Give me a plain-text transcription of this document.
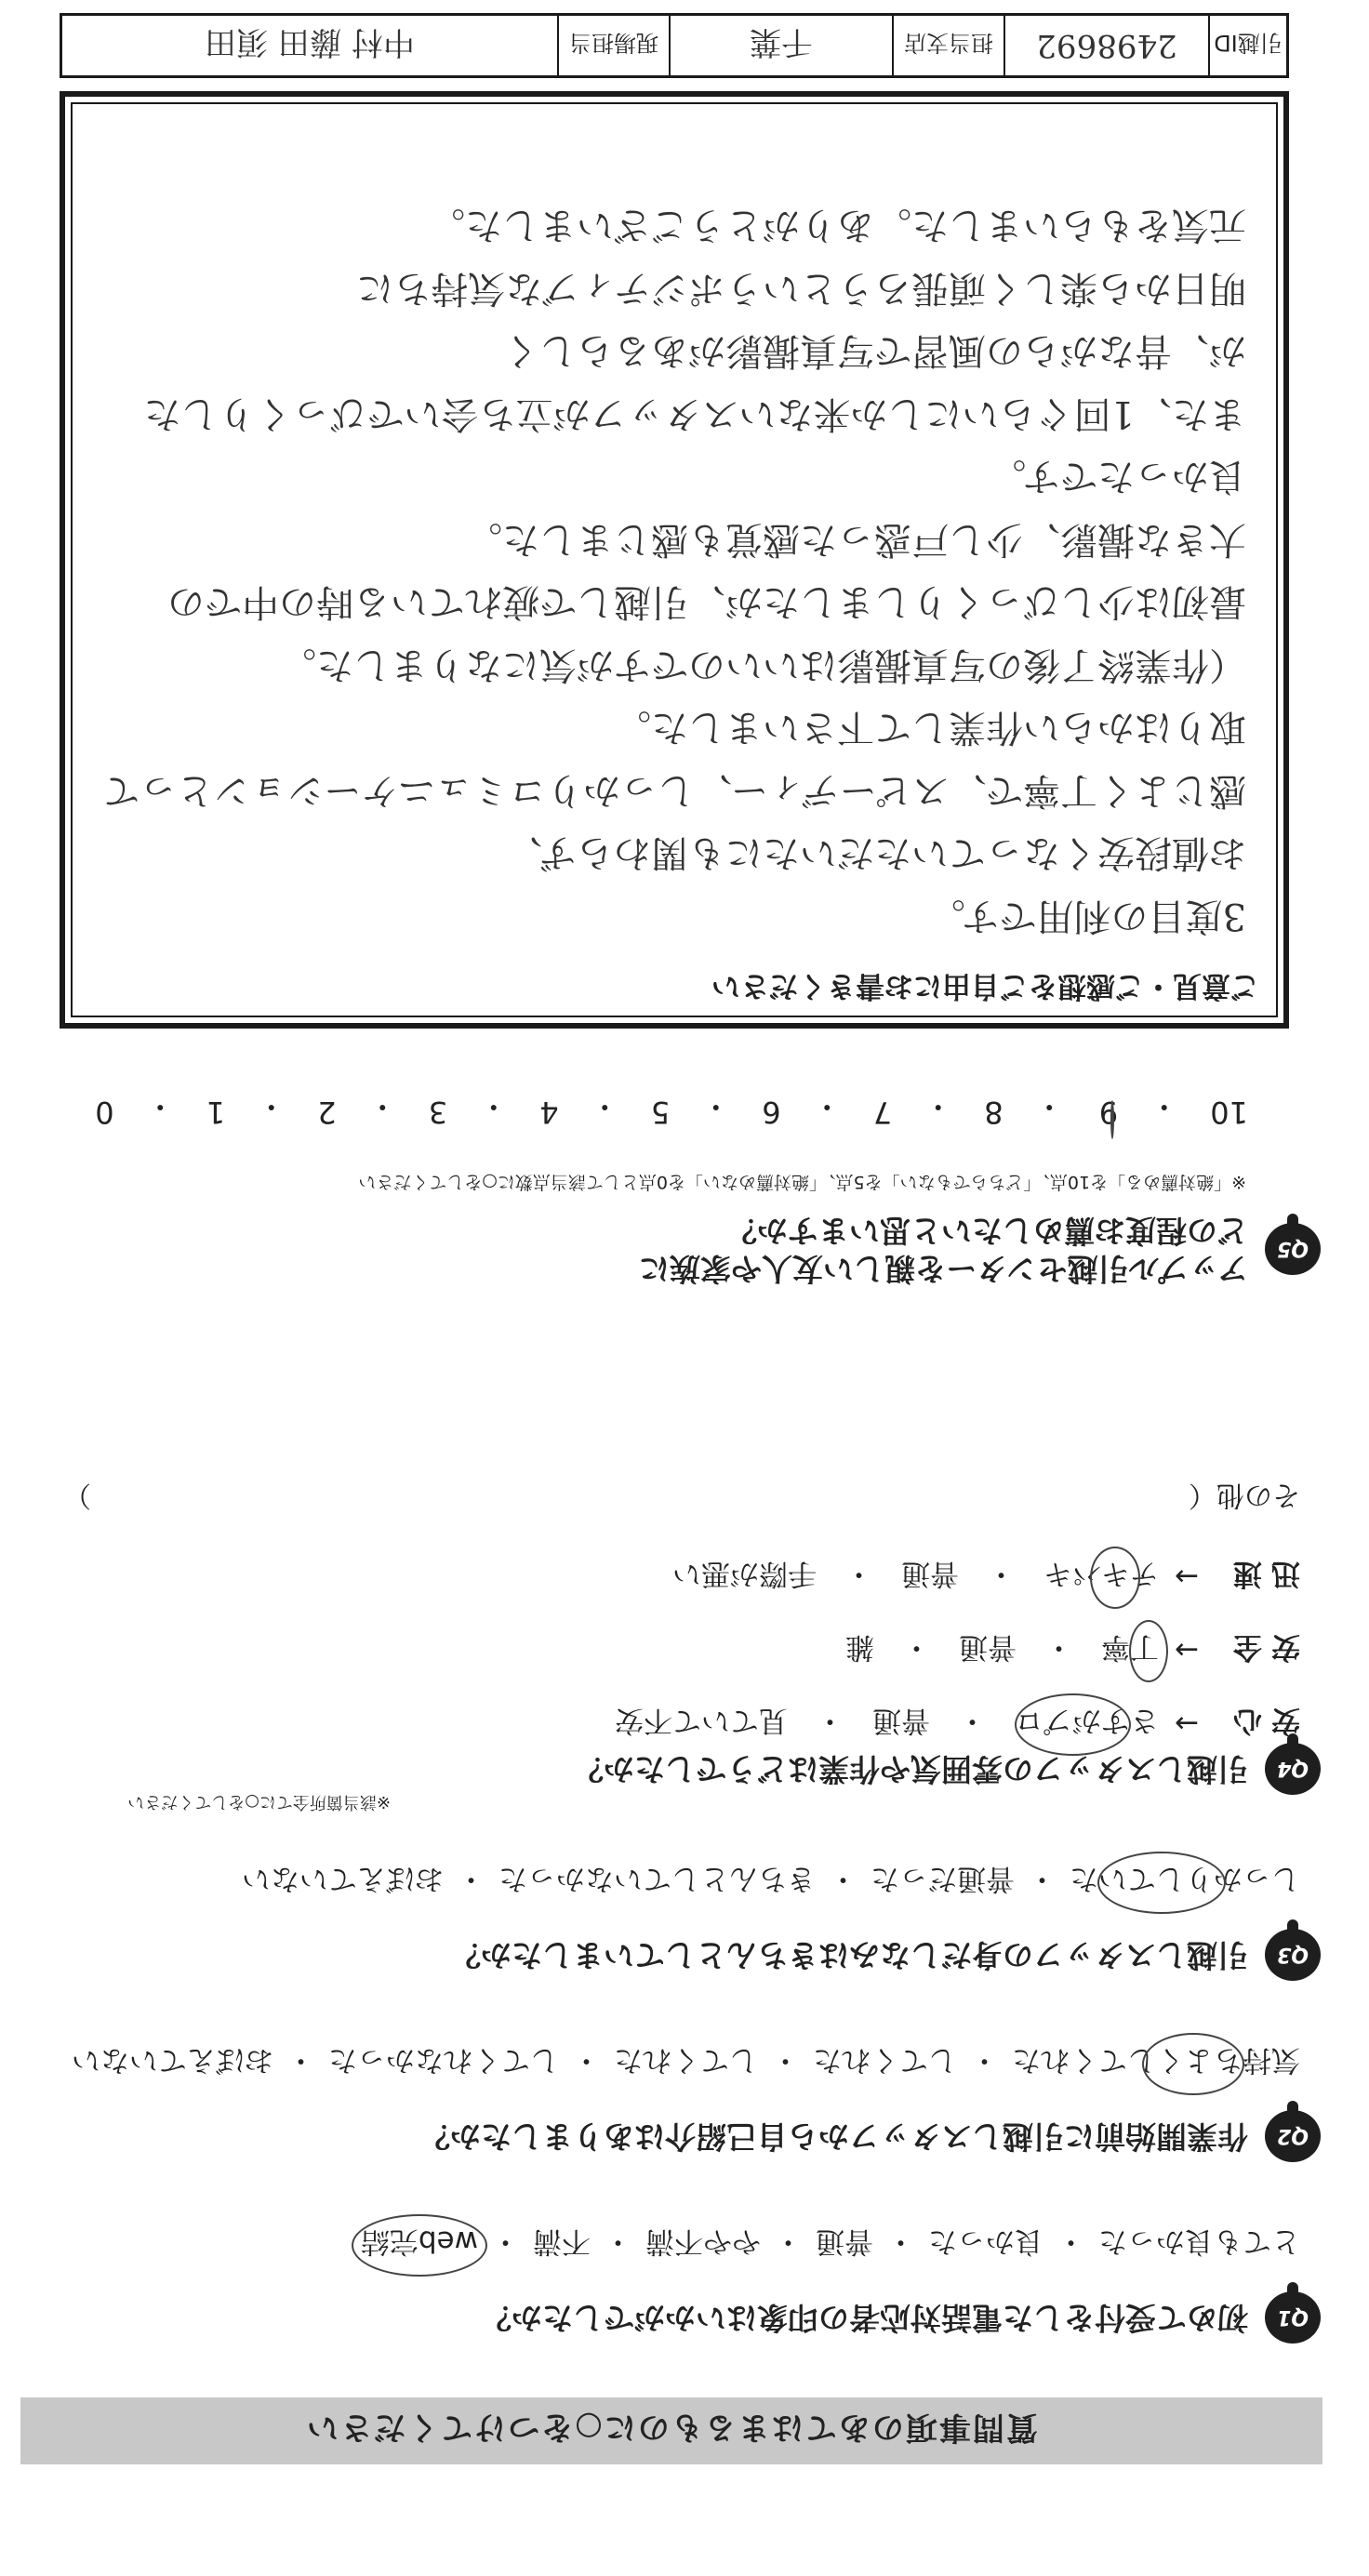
質問事項のあてはまるものに○をつけてください
Q1
初めて受付をした電話対応者の印象はいかがでしたか？
とても良かった
・
良かった
・
普通
・
やや不満
・
不満
・
web完結
Q2
作業開始前に引越しスタッフから自己紹介はありましたか？
気持ちよくしてくれた
・
してくれた
・
してくれた
・
してくれなかった
・
おぼえていない
Q3
引越しスタッフの身だしなみはきちんとしていましたか？
しっかりしていた
・
普通だった
・
きちんとしていなかった
・
おぼえていない
Q4
引越しスタッフの雰囲気や作業はどうでしたか？
※該当箇所全てに○をしてください
安心
→
さすがプロ
・
普通
・
見ていて不安
安全
→
丁寧
・
普通
・
雑
迅速
→
テキパキ
・
普通
・
手際が悪い
その他（
）
Q5
アップル引越センターを親しい友人や家族に
どの程度お薦めしたいと思いますか？
※「絶対薦める」を10点、「どちらでもない」を5点、「絶対薦めない」を0点として該当点数に○をしてください
10
・
9
・
8
・
7
・
6
・
5
・
4
・
3
・
2
・
1
・
0
ご意見・ご感想をご自由にお書きください
3度目の利用です。
お値段安くなっていただいたにも関わらず、
感じよく丁寧で、スピーディー、しっかりコミュニケーションとって
取りはからい作業して下さいました。
（作業終了後の写真撮影はいいのですが気になりました。
最初は少しびっくりしましたが、引越しで疲れている時の中での
大きな撮影、少し戸惑った感覚も感じました。
良かったです。
また、1回ぐらいにしか来ないスタッフが立ち会いでびっくりした
が、昔ながらの風習で写真撮影があるらしく
明日から楽しく頑張ろうというポジティブな気持ちに
元気をもらいました。ありがとうございました。
引越ID
2498692
担当支店
千葉
現場担当
中村 藤田 須田
